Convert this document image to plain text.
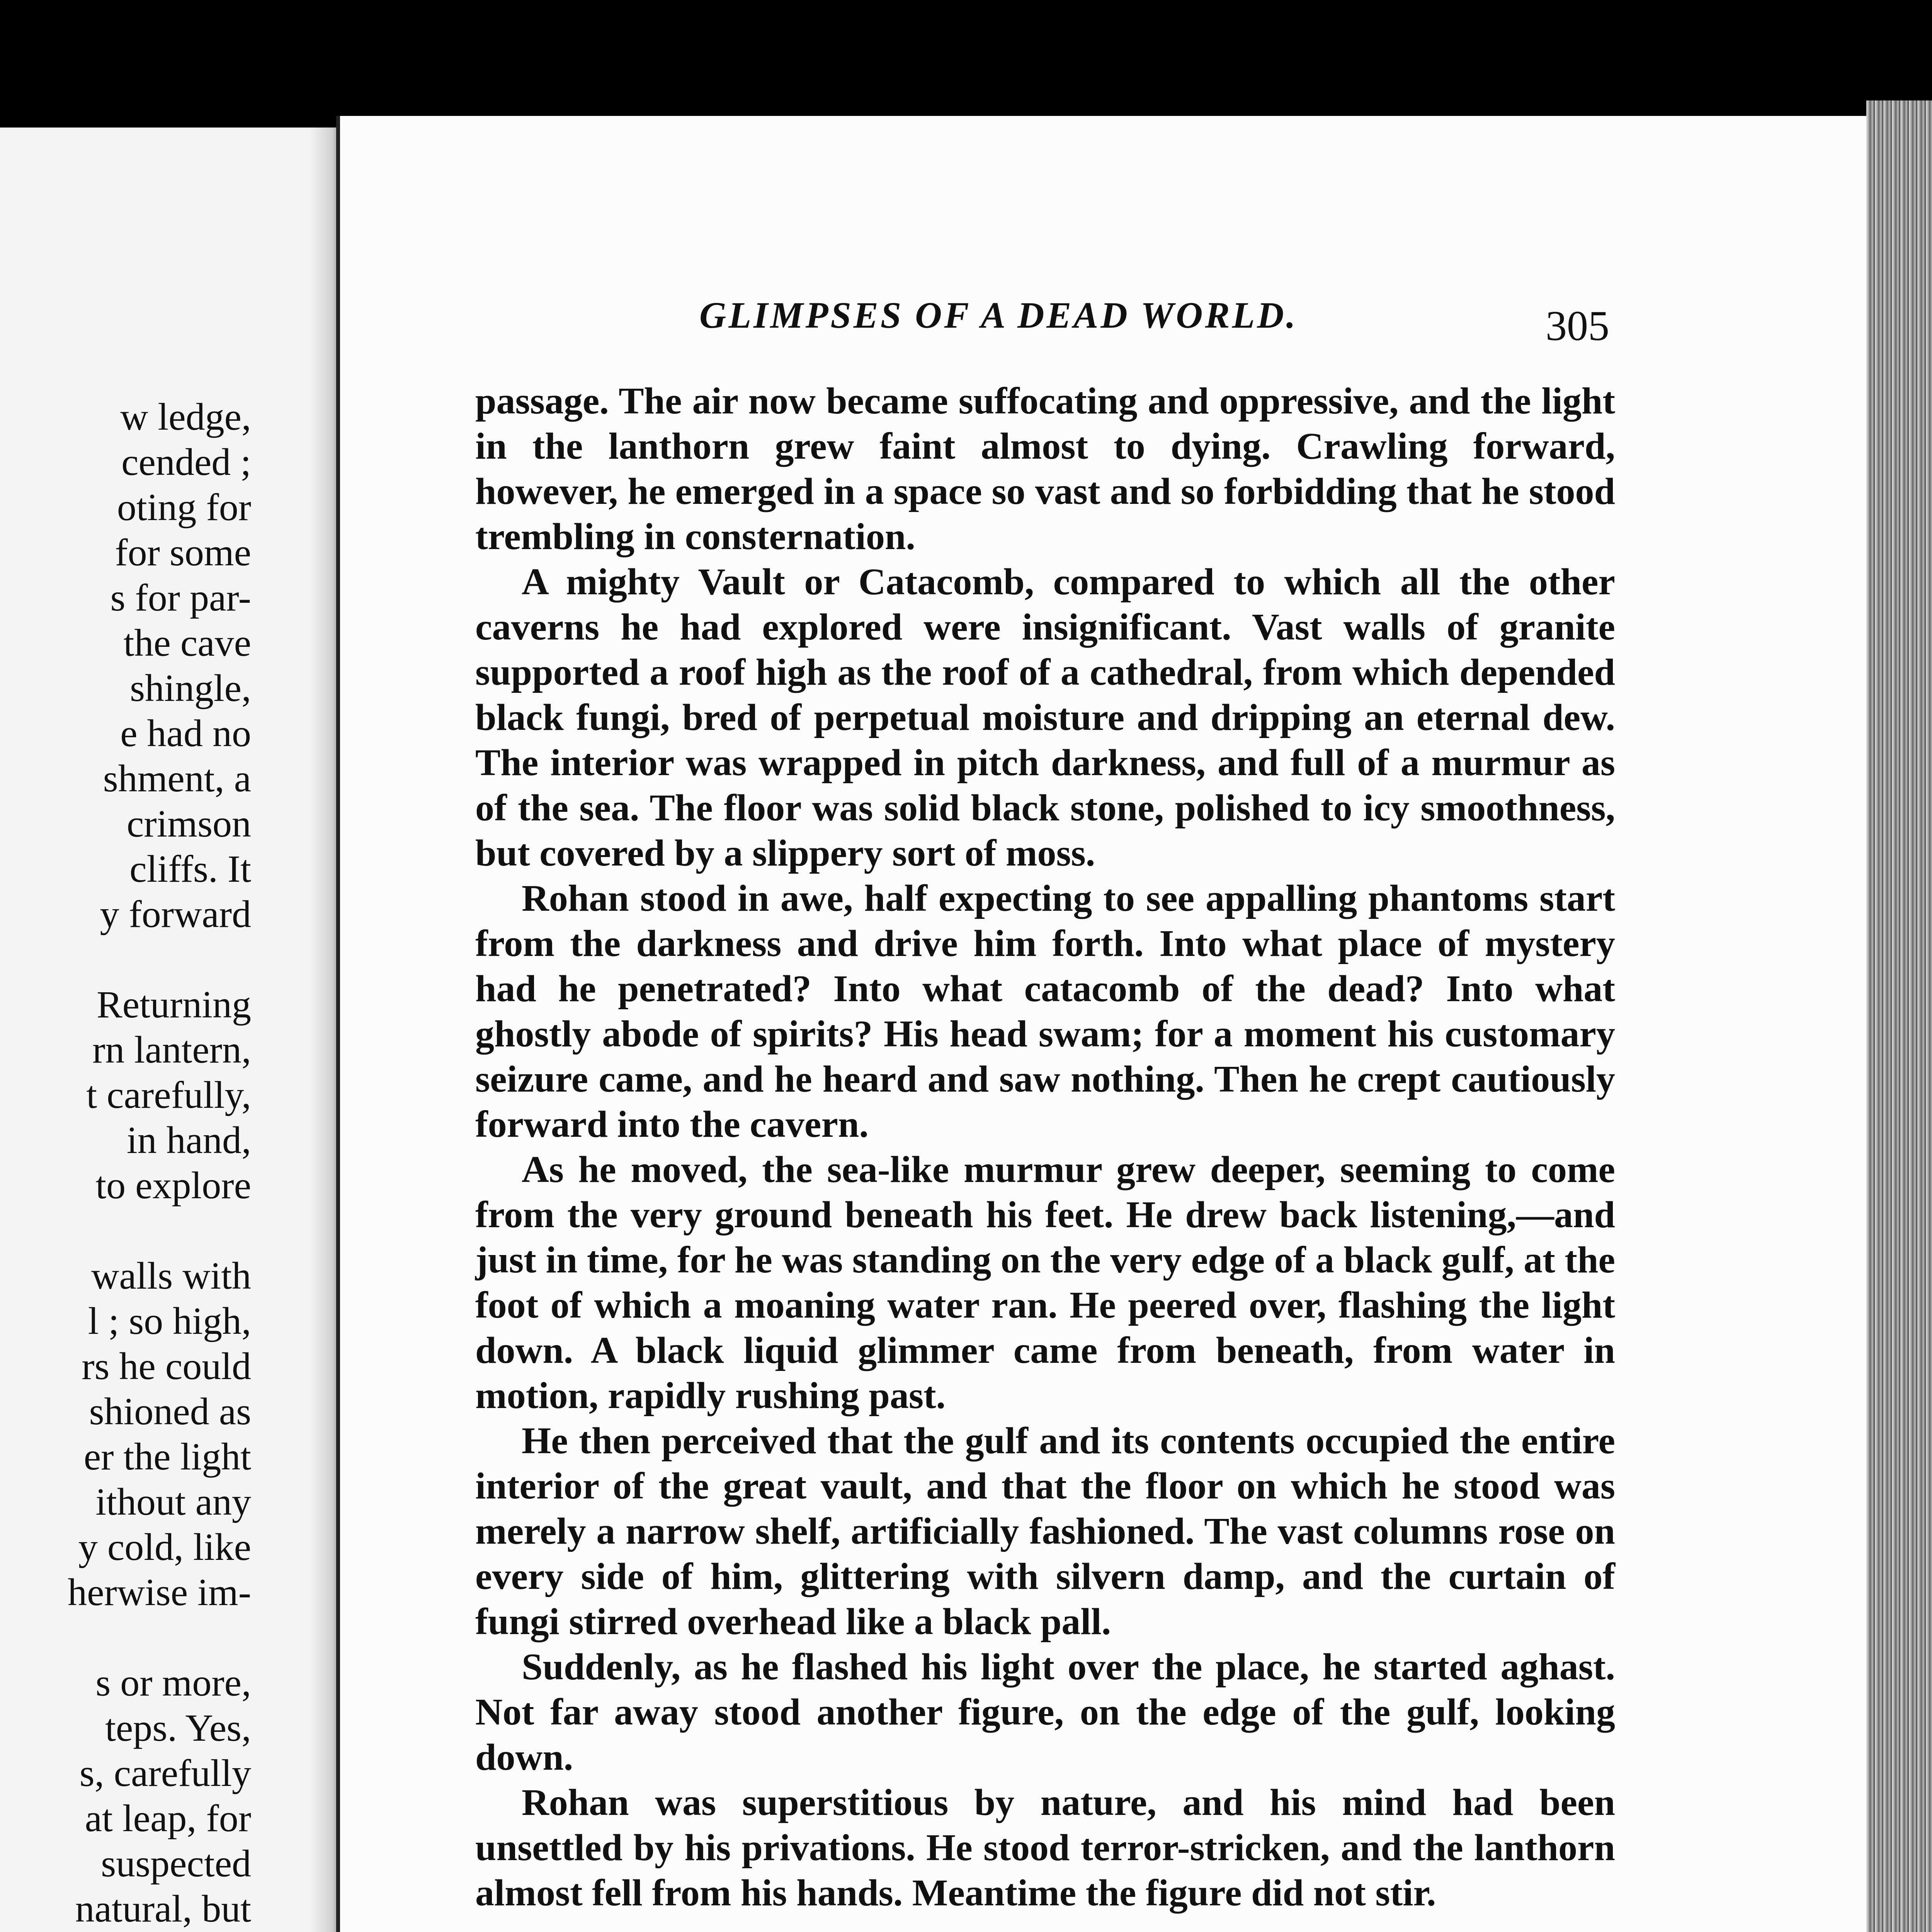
w ledge,
cended ;
oting for
for some
s for par-
the cave
shingle,
e had no
shment, a
crimson
cliffs. It
y forward
Returning
rn lantern,
t carefully,
in hand,
to explore
walls with
l ; so high,
rs he could
shioned as
er the light
ithout any
y cold, like
herwise im-
s or more,
teps. Yes,
s, carefully
at leap, for
suspected
natural, but
GLIMPSES OF A DEAD WORLD.	305

passage. The air now became suffocating and oppressive, and the light in the lanthorn grew faint almost to dying. Crawling forward, however, he emerged in a space so vast and so forbidding that he stood trembling in consternation.

A mighty Vault or Catacomb, compared to which all the other caverns he had explored were insignificant. Vast walls of granite supported a roof high as the roof of a cathedral, from which depended black fungi, bred of perpetual moisture and dripping an eternal dew. The interior was wrapped in pitch darkness, and full of a murmur as of the sea. The floor was solid black stone, polished to icy smoothness, but covered by a slippery sort of moss.

Rohan stood in awe, half expecting to see appalling phantoms start from the darkness and drive him forth. Into what place of mystery had he penetrated? Into what catacomb of the dead? Into what ghostly abode of spirits? His head swam; for a moment his customary seizure came, and he heard and saw nothing. Then he crept cautiously forward into the cavern.

As he moved, the sea-like murmur grew deeper, seeming to come from the very ground beneath his feet. He drew back listening,—and just in time, for he was standing on the very edge of a black gulf, at the foot of which a moaning water ran. He peered over, flashing the light down. A black liquid glimmer came from beneath, from water in motion, rapidly rushing past.

He then perceived that the gulf and its contents occupied the entire interior of the great vault, and that the floor on which he stood was merely a narrow shelf, artificially fashioned. The vast columns rose on every side of him, glittering with silvern damp, and the curtain of fungi stirred overhead like a black pall.

Suddenly, as he flashed his light over the place, he started aghast. Not far away stood another figure, on the edge of the gulf, looking down.

Rohan was superstitious by nature, and his mind had been unsettled by his privations. He stood terror-stricken, and the lanthorn almost fell from his hands. Meantime the figure did not stir.
